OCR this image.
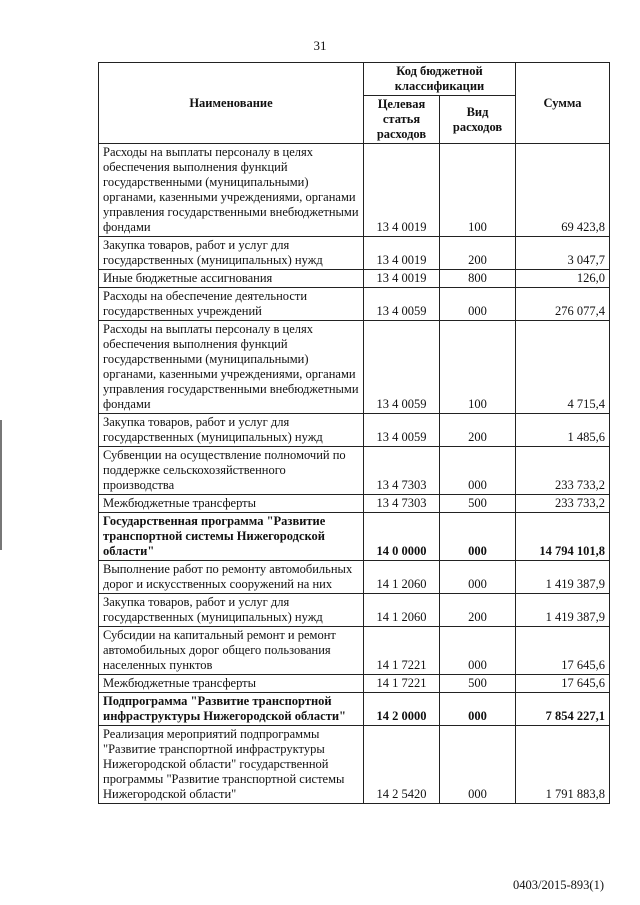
31
Наименование	Код бюджетной классификации		Сумма
	Целевая статья расходов	Вид расходов	
Расходы на выплаты персоналу в целях обеспечения выполнения функций государственными (муниципальными) органами, казенными учреждениями, органами управления государственными внебюджетными фондами	13 4 0019	100	69 423,8
Закупка товаров, работ и услуг для государственных (муниципальных) нужд	13 4 0019	200	3 047,7
Иные бюджетные ассигнования	13 4 0019	800	126,0
Расходы на обеспечение деятельности государственных учреждений	13 4 0059	000	276 077,4
Расходы на выплаты персоналу в целях обеспечения выполнения функций государственными (муниципальными) органами, казенными учреждениями, органами управления государственными внебюджетными фондами	13 4 0059	100	4 715,4
Закупка товаров, работ и услуг для государственных (муниципальных) нужд	13 4 0059	200	1 485,6
Субвенции на осуществление полномочий по поддержке сельскохозяйственного производства	13 4 7303	000	233 733,2
Межбюджетные трансферты	13 4 7303	500	233 733,2
Государственная программа "Развитие транспортной системы Нижегородской области"	14 0 0000	000	14 794 101,8
Выполнение работ по ремонту автомобильных дорог и искусственных сооружений на них	14 1 2060	000	1 419 387,9
Закупка товаров, работ и услуг для государственных (муниципальных) нужд	14 1 2060	200	1 419 387,9
Субсидии на капитальный ремонт и ремонт автомобильных дорог общего пользования населенных пунктов	14 1 7221	000	17 645,6
Межбюджетные трансферты	14 1 7221	500	17 645,6
Подпрограмма "Развитие транспортной инфраструктуры Нижегородской области"	14 2 0000	000	7 854 227,1
Реализация мероприятий подпрограммы "Развитие транспортной инфраструктуры Нижегородской области" государственной программы "Развитие транспортной системы Нижегородской области"	14 2 5420	000	1 791 883,8
0403/2015-893(1)
